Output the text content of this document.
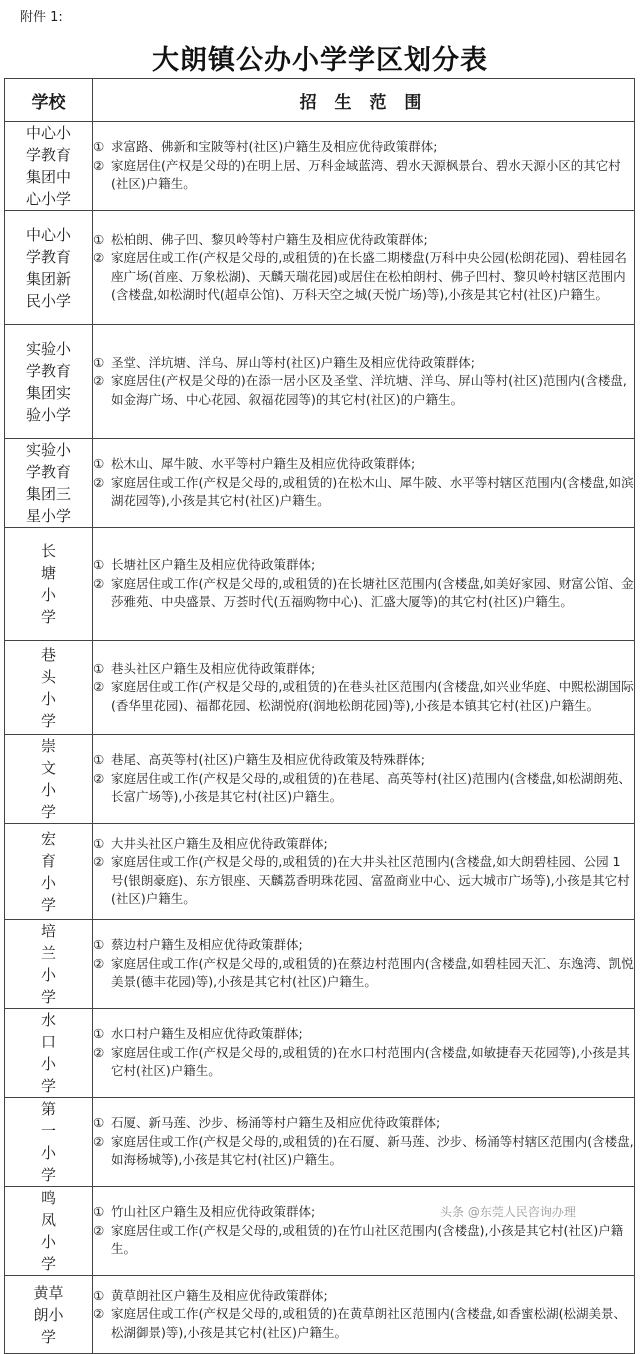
附件 1:
大朗镇公办小学学区划分表
学校	招 生 范 围

中心小学教育集团中心小学	① 求富路、佛新和宝陂等村(社区)户籍生及相应优待政策群体;
② 家庭居住(产权是父母的)在明上居、万科金域蓝湾、碧水天源枫景台、碧水天源小区的其它村(社区)户籍生。

中心小学教育集团新民小学	① 松柏朗、佛子凹、黎贝岭等村户籍生及相应优待政策群体;
② 家庭居住或工作(产权是父母的,或租赁的)在长盛二期楼盘(万科中央公园(松朗花园)、碧桂园名座广场(首座、万象松湖)、天麟天瑞花园)或居住在松柏朗村、佛子凹村、黎贝岭村辖区范围内(含楼盘,如松湖时代(超卓公馆)、万科天空之城(天悦广场)等),小孩是其它村(社区)户籍生。

实验小学教育集团实验小学	① 圣堂、洋坑塘、洋乌、屏山等村(社区)户籍生及相应优待政策群体;
② 家庭居住(产权是父母的)在添一居小区及圣堂、洋坑塘、洋乌、屏山等村(社区)范围内(含楼盘,如金海广场、中心花园、叙福花园等)的其它村(社区)的户籍生。

实验小学教育集团三星小学	① 松木山、犀牛陂、水平等村户籍生及相应优待政策群体;
② 家庭居住或工作(产权是父母的,或租赁的)在松木山、犀牛陂、水平等村辖区范围内(含楼盘,如滨湖花园等),小孩是其它村(社区)户籍生。

长塘小学	① 长塘社区户籍生及相应优待政策群体;
② 家庭居住或工作(产权是父母的,或租赁的)在长塘社区范围内(含楼盘,如美好家园、财富公馆、金莎雅苑、中央盛景、万荟时代(五福购物中心)、汇盛大厦等)的其它村(社区)户籍生。

巷头小学	① 巷头社区户籍生及相应优待政策群体;
② 家庭居住或工作(产权是父母的,或租赁的)在巷头社区范围内(含楼盘,如兴业华庭、中熙松湖国际(香华里花园)、福都花园、松湖悦府(润地松朗花园)等),小孩是本镇其它村(社区)户籍生。

崇文小学	① 巷尾、高英等村(社区)户籍生及相应优待政策及特殊群体;
② 家庭居住或工作(产权是父母的,或租赁的)在巷尾、高英等村(社区)范围内(含楼盘,如松湖朗苑、长富广场等),小孩是其它村(社区)户籍生。

宏育小学	① 大井头社区户籍生及相应优待政策群体;
② 家庭居住或工作(产权是父母的,或租赁的)在大井头社区范围内(含楼盘,如大朗碧桂园、公园 1 号(银朗豪庭)、东方银座、天麟荔香明珠花园、富盈商业中心、远大城市广场等),小孩是其它村(社区)户籍生。

培兰小学	① 蔡边村户籍生及相应优待政策群体;
② 家庭居住或工作(产权是父母的,或租赁的)在蔡边村范围内(含楼盘,如碧桂园天汇、东逸湾、凯悦美景(德丰花园)等),小孩是其它村(社区)户籍生。

水口小学	① 水口村户籍生及相应优待政策群体;
② 家庭居住或工作(产权是父母的,或租赁的)在水口村范围内(含楼盘,如敏捷春天花园等),小孩是其它村(社区)户籍生。

第一小学	① 石厦、新马莲、沙步、杨涌等村户籍生及相应优待政策群体;
② 家庭居住或工作(产权是父母的,或租赁的)在石厦、新马莲、沙步、杨涌等村辖区范围内(含楼盘,如海杨城等),小孩是其它村(社区)户籍生。

鸣凤小学	① 竹山社区户籍生及相应优待政策群体;
② 家庭居住或工作(产权是父母的,或租赁的)在竹山社区范围内(含楼盘),小孩是其它村(社区)户籍生。

黄草朗小学	① 黄草朗社区户籍生及相应优待政策群体;
② 家庭居住或工作(产权是父母的,或租赁的)在黄草朗社区范围内(含楼盘,如香蜜松湖(松湖美景、松湖御景)等),小孩是其它村(社区)户籍生。
头条 @东莞人民咨询办理
